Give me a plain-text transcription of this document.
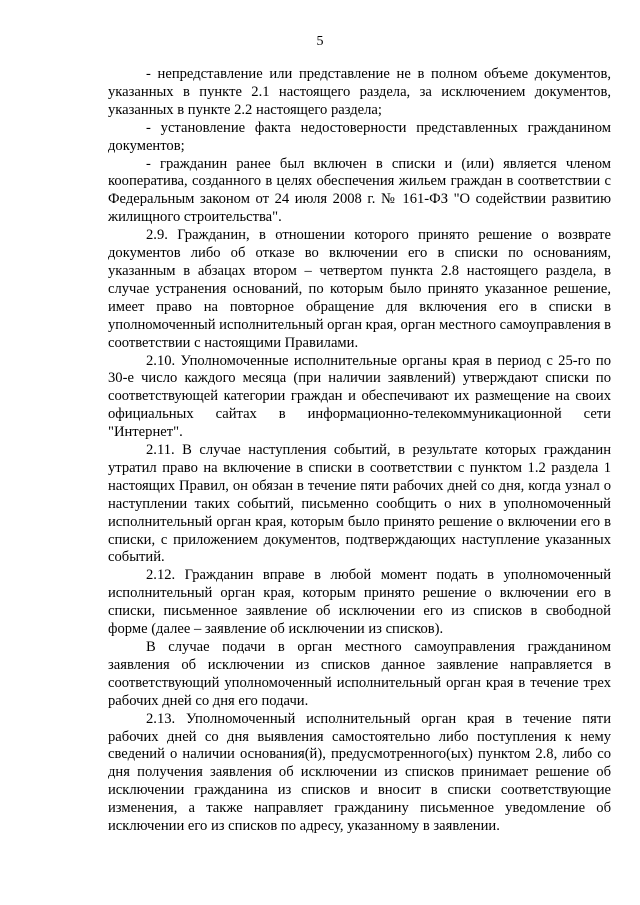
5

- непредставление или представление не в полном объеме документов, указанных в пункте 2.1 настоящего раздела, за исключением документов, указанных в пункте 2.2 настоящего раздела;

- установление факта недостоверности представленных гражданином документов;

- гражданин ранее был включен в списки и (или) является членом кооператива, созданного в целях обеспечения жильем граждан в соответствии с Федеральным законом от 24 июля 2008 г. № 161-ФЗ "О содействии развитию жилищного строительства".

2.9. Гражданин, в отношении которого принято решение о возврате документов либо об отказе во включении его в списки по основаниям, указанным в абзацах втором – четвертом пункта 2.8 настоящего раздела, в случае устранения оснований, по которым было принято указанное решение, имеет право на повторное обращение для включения его в списки в уполномоченный исполнительный орган края, орган местного самоуправления в соответствии с настоящими Правилами.

2.10. Уполномоченные исполнительные органы края в период с 25-го по 30-е число каждого месяца (при наличии заявлений) утверждают списки по соответствующей категории граждан и обеспечивают их размещение на своих официальных сайтах в информационно-телекоммуникационной сети "Интернет".

2.11. В случае наступления событий, в результате которых гражданин утратил право на включение в списки в соответствии с пунктом 1.2 раздела 1 настоящих Правил, он обязан в течение пяти рабочих дней со дня, когда узнал о наступлении таких событий, письменно сообщить о них в уполномоченный исполнительный орган края, которым было принято решение о включении его в списки, с приложением документов, подтверждающих наступление указанных событий.

2.12. Гражданин вправе в любой момент подать в уполномоченный исполнительный орган края, которым принято решение о включении его в списки, письменное заявление об исключении его из списков в свободной форме (далее – заявление об исключении из списков).

В случае подачи в орган местного самоуправления гражданином заявления об исключении из списков данное заявление направляется в соответствующий уполномоченный исполнительный орган края в течение трех рабочих дней со дня его подачи.

2.13. Уполномоченный исполнительный орган края в течение пяти рабочих дней со дня выявления самостоятельно либо поступления к нему сведений о наличии основания(й), предусмотренного(ых) пунктом 2.8, либо со дня получения заявления об исключении из списков принимает решение об исключении гражданина из списков и вносит в списки соответствующие изменения, а также направляет гражданину письменное уведомление об исключении его из списков по адресу, указанному в заявлении.
